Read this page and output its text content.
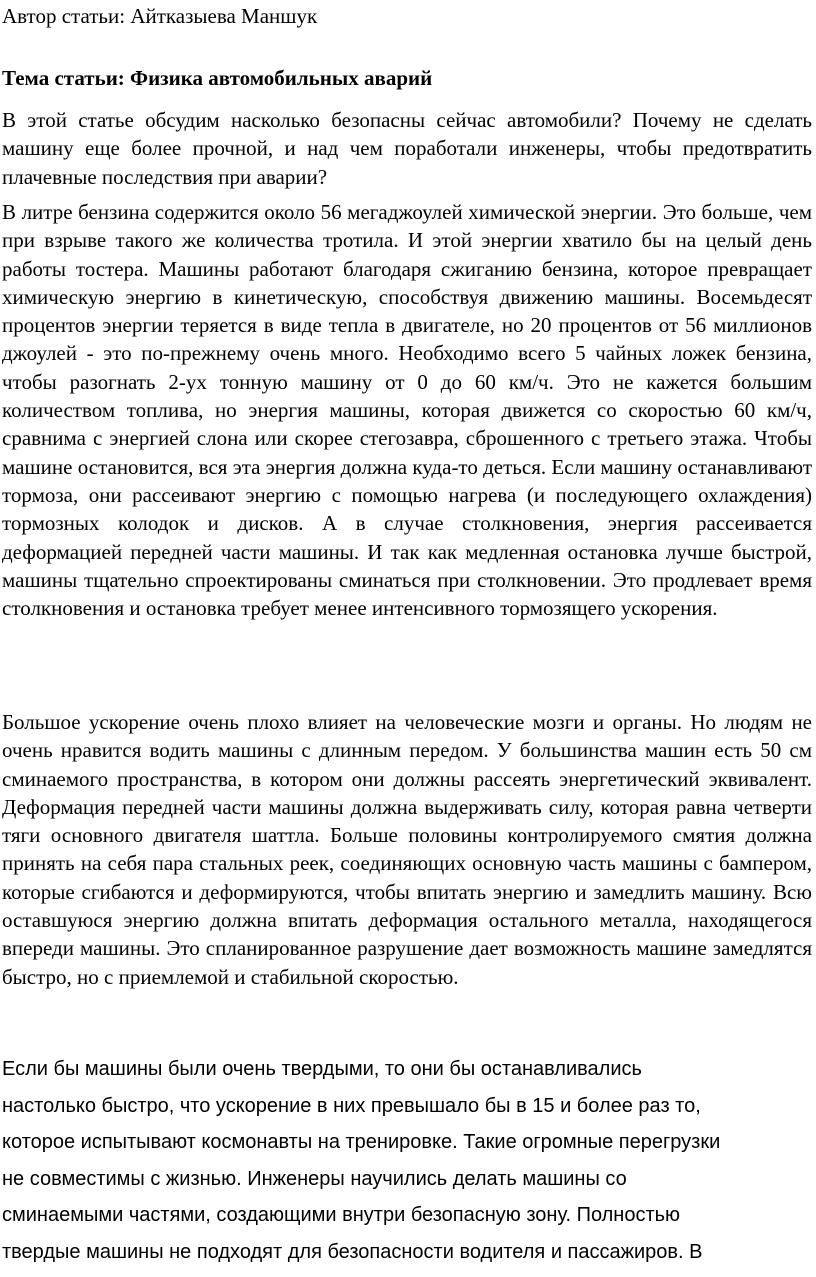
Автор статьи: Айтказыева Маншук

Тема статьи: Физика автомобильных аварий

В этой статье обсудим насколько безопасны сейчас автомобили? Почему не сделать машину еще более прочной, и над чем поработали инженеры, чтобы предотвратить плачевные последствия при аварии?

В литре бензина содержится около 56 мегаджоулей химической энергии. Это больше, чем при взрыве такого же количества тротила. И этой энергии хватило бы на целый день работы тостера. Машины работают благодаря сжиганию бензина, которое превращает химическую энергию в кинетическую, способствуя движению машины. Восемьдесят процентов энергии теряется в виде тепла в двигателе, но 20 процентов от 56 миллионов джоулей - это по-прежнему очень много. Необходимо всего 5 чайных ложек бензина, чтобы разогнать 2-ух тонную машину от 0 до 60 км/ч. Это не кажется большим количеством топлива, но энергия машины, которая движется со скоростью 60 км/ч, сравнима с энергией слона или скорее стегозавра, сброшенного с третьего этажа. Чтобы машине остановится, вся эта энергия должна куда-то деться. Если машину останавливают тормоза, они рассеивают энергию с помощью нагрева (и последующего охлаждения) тормозных колодок и дисков. А в случае столкновения, энергия рассеивается деформацией передней части машины. И так как медленная остановка лучше быстрой, машины тщательно спроектированы сминаться при столкновении. Это продлевает время столкновения и остановка требует менее интенсивного тормозящего ускорения.

Большое ускорение очень плохо влияет на человеческие мозги и органы. Но людям не очень нравится водить машины с длинным передом. У большинства машин есть 50 см сминаемого пространства, в котором они должны рассеять энергетический эквивалент. Деформация передней части машины должна выдерживать силу, которая равна четверти тяги основного двигателя шаттла. Больше половины контролируемого смятия должна принять на себя пара стальных реек, соединяющих основную часть машины с бампером, которые сгибаются и деформируются, чтобы впитать энергию и замедлить машину. Всю оставшуюся энергию должна впитать деформация остального металла, находящегося впереди машины. Это спланированное разрушение дает возможность машине замедлятся быстро, но с приемлемой и стабильной скоростью.

Если бы машины были очень твердыми, то они бы останавливались
настолько быстро, что ускорение в них превышало бы в 15 и более раз то,
которое испытывают космонавты на тренировке. Такие огромные перегрузки
не совместимы с жизнью. Инженеры научились делать машины со
сминаемыми частями, создающими внутри безопасную зону. Полностью
твердые машины не подходят для безопасности водителя и пассажиров. В
